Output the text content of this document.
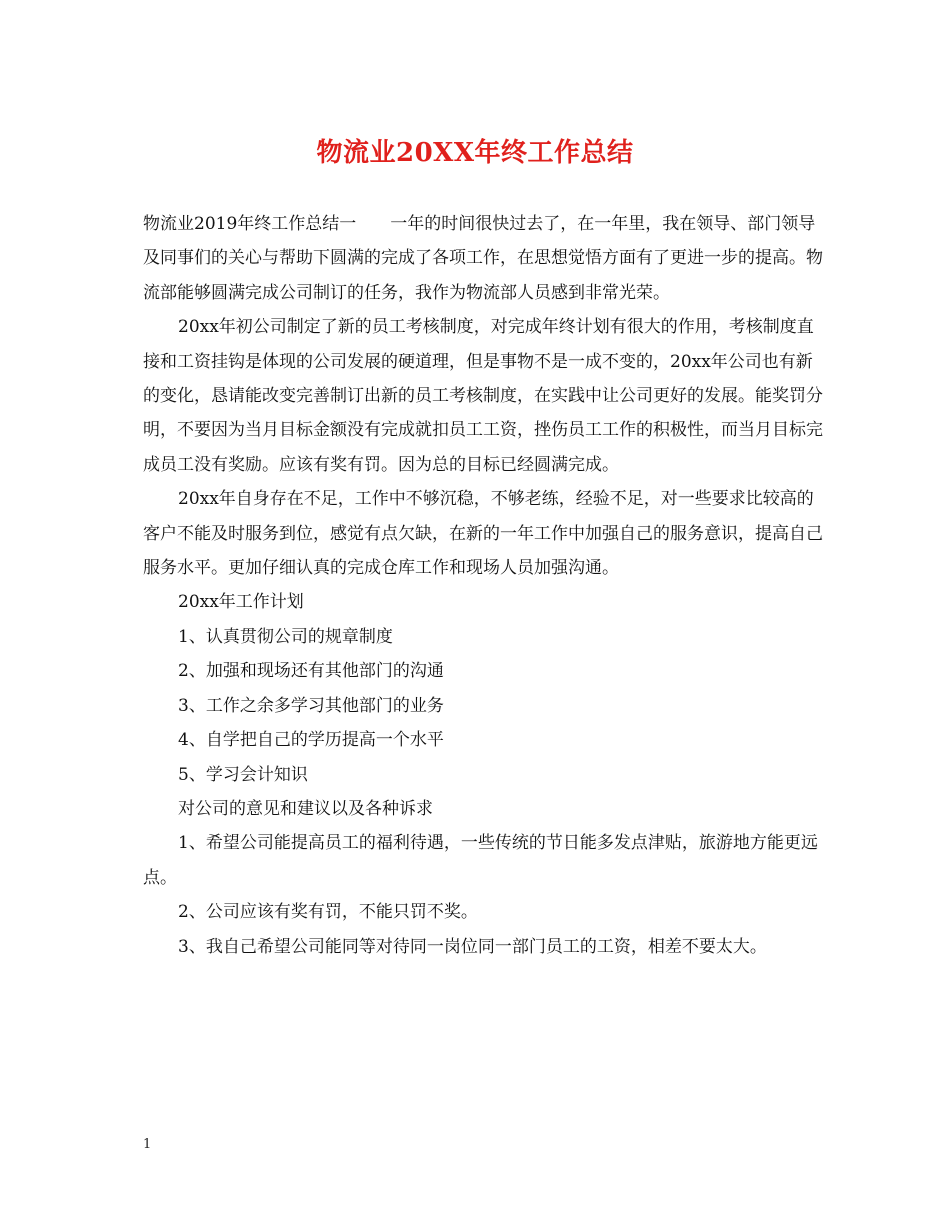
物流业20XX年终工作总结

物流业2019年终工作总结一　　一年的时间很快过去了，在一年里，我在领导、部门领导及同事们的关心与帮助下圆满的完成了各项工作，在思想觉悟方面有了更进一步的提高。物流部能够圆满完成公司制订的任务，我作为物流部人员感到非常光荣。

20xx年初公司制定了新的员工考核制度，对完成年终计划有很大的作用，考核制度直接和工资挂钩是体现的公司发展的硬道理，但是事物不是一成不变的，20xx年公司也有新的变化，恳请能改变完善制订出新的员工考核制度，在实践中让公司更好的发展。能奖罚分明，不要因为当月目标金额没有完成就扣员工工资，挫伤员工工作的积极性，而当月目标完成员工没有奖励。应该有奖有罚。因为总的目标已经圆满完成。

20xx年自身存在不足，工作中不够沉稳，不够老练，经验不足，对一些要求比较高的客户不能及时服务到位，感觉有点欠缺，在新的一年工作中加强自己的服务意识，提高自己服务水平。更加仔细认真的完成仓库工作和现场人员加强沟通。

20xx年工作计划

1、认真贯彻公司的规章制度

2、加强和现场还有其他部门的沟通

3、工作之余多学习其他部门的业务

4、自学把自己的学历提高一个水平

5、学习会计知识

对公司的意见和建议以及各种诉求

1、希望公司能提高员工的福利待遇，一些传统的节日能多发点津贴，旅游地方能更远点。

2、公司应该有奖有罚，不能只罚不奖。

3、我自己希望公司能同等对待同一岗位同一部门员工的工资，相差不要太大。

1
